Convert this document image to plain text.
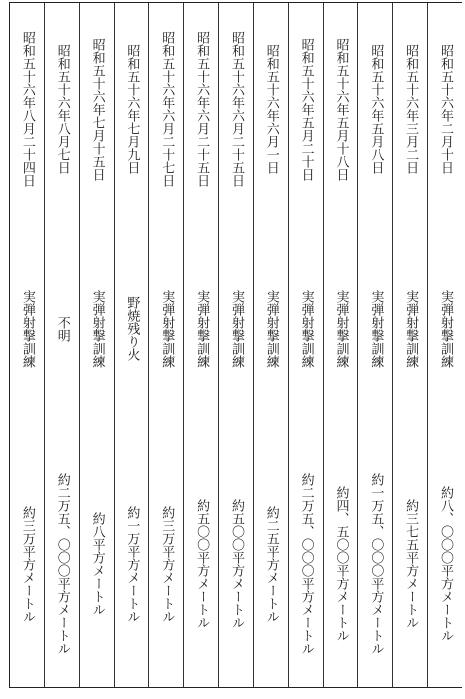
昭和五十六年二月十日
実弾射撃訓練
約八、〇〇〇平方メートル
昭和五十六年三月二日
実弾射撃訓練
約三七五平方メートル
昭和五十六年五月八日
実弾射撃訓練
約一万五、〇〇〇平方メートル
昭和五十六年五月十八日
実弾射撃訓練
約四、五〇〇平方メートル
昭和五十六年五月二十日
実弾射撃訓練
約二万五、〇〇〇平方メートル
昭和五十六年六月一日
実弾射撃訓練
約二五平方メートル
昭和五十六年六月二十五日
実弾射撃訓練
約五〇〇平方メートル
昭和五十六年六月二十五日
実弾射撃訓練
約五〇〇平方メートル
昭和五十六年六月二十七日
実弾射撃訓練
約三万平方メートル
昭和五十六年七月九日
野焼残り火
約一万平方メートル
昭和五十六年七月十五日
実弾射撃訓練
約八平方メートル
昭和五十六年八月七日
不明
約二万五、〇〇〇平方メートル
昭和五十六年八月二十四日
実弾射撃訓練
約三万平方メートル
